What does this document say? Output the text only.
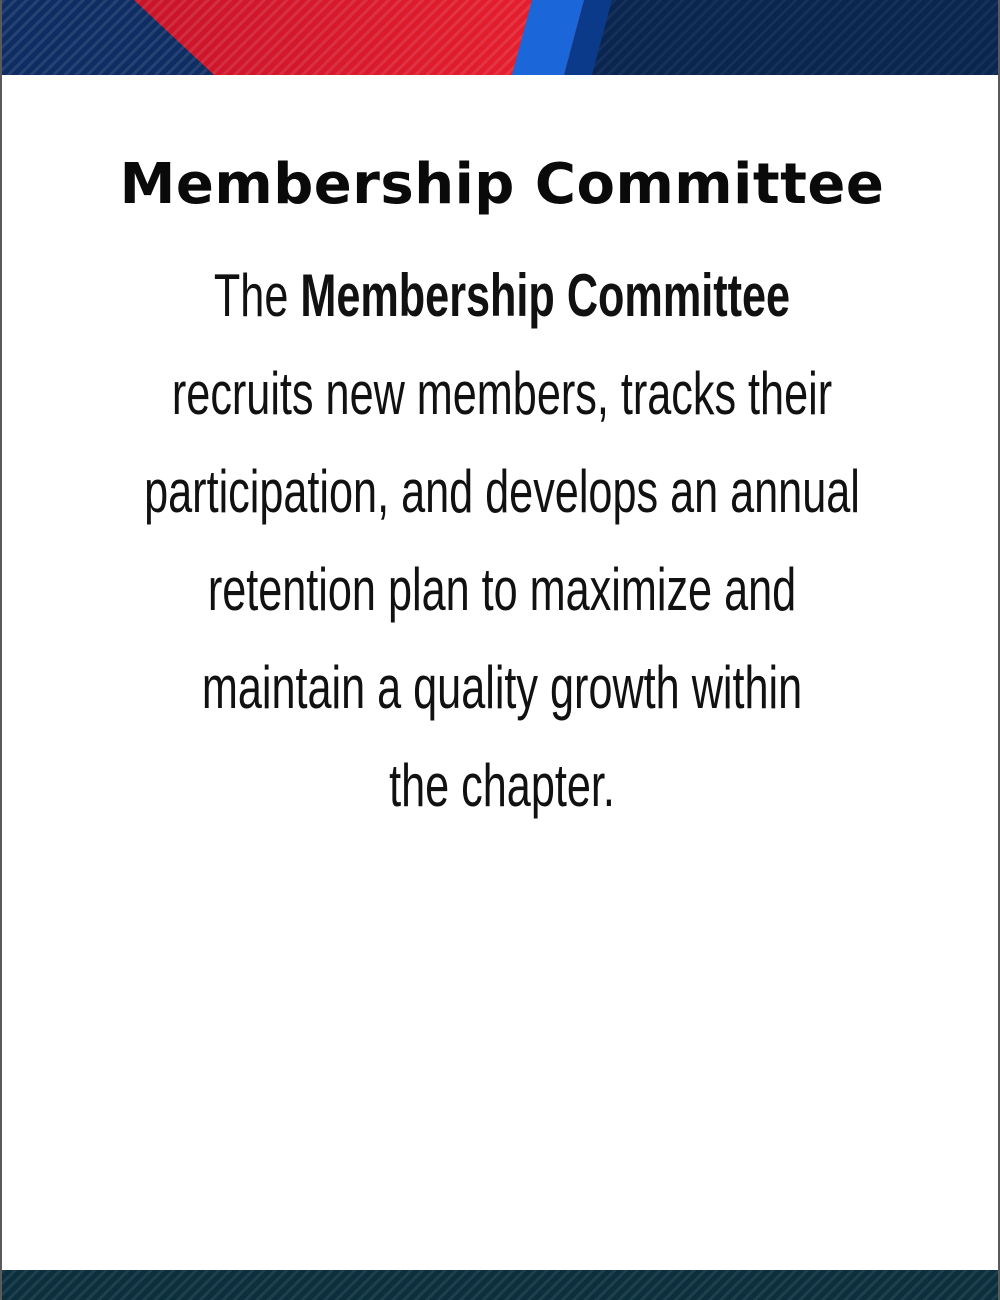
Membership Committee
The Membership Committee
recruits new members, tracks their
participation, and develops an annual
retention plan to maximize and
maintain a quality growth within
the chapter.
